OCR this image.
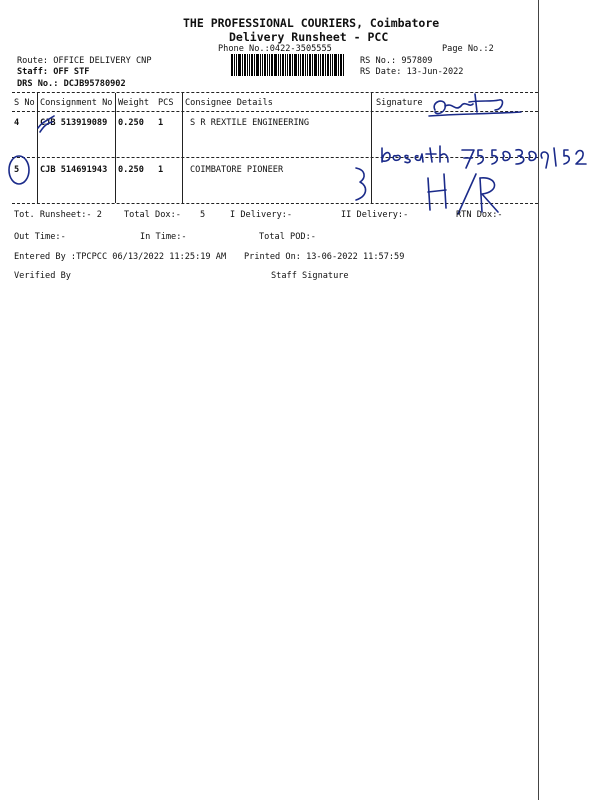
THE PROFESSIONAL COURIERS, Coimbatore
Delivery Runsheet - PCC
Phone No.:0422-3505555	Page No.:2
Route: OFFICE DELIVERY CNP
Staff: OFF STF
DRS No.: DCJB95780902
RS No.: 957809
RS Date: 13-Jun-2022
S No Consignment No Weight PCS Consignee Details	Signature
4 CJB 513919089 0.250 1	S R REXTILE ENGINEERING
5 CJB 514691943 0.250 1	COIMBATORE PIONEER
Tot. Runsheet:- 2	Total Dox:- 5	I Delivery:-	II Delivery:-	RTN Dox:-
Out Time:-	In Time:-	Total POD:-
Entered By :TPCPCC 06/13/2022 11:25:19 AM Printed On: 13-06-2022 11:57:59
Verified By	Staff Signature
